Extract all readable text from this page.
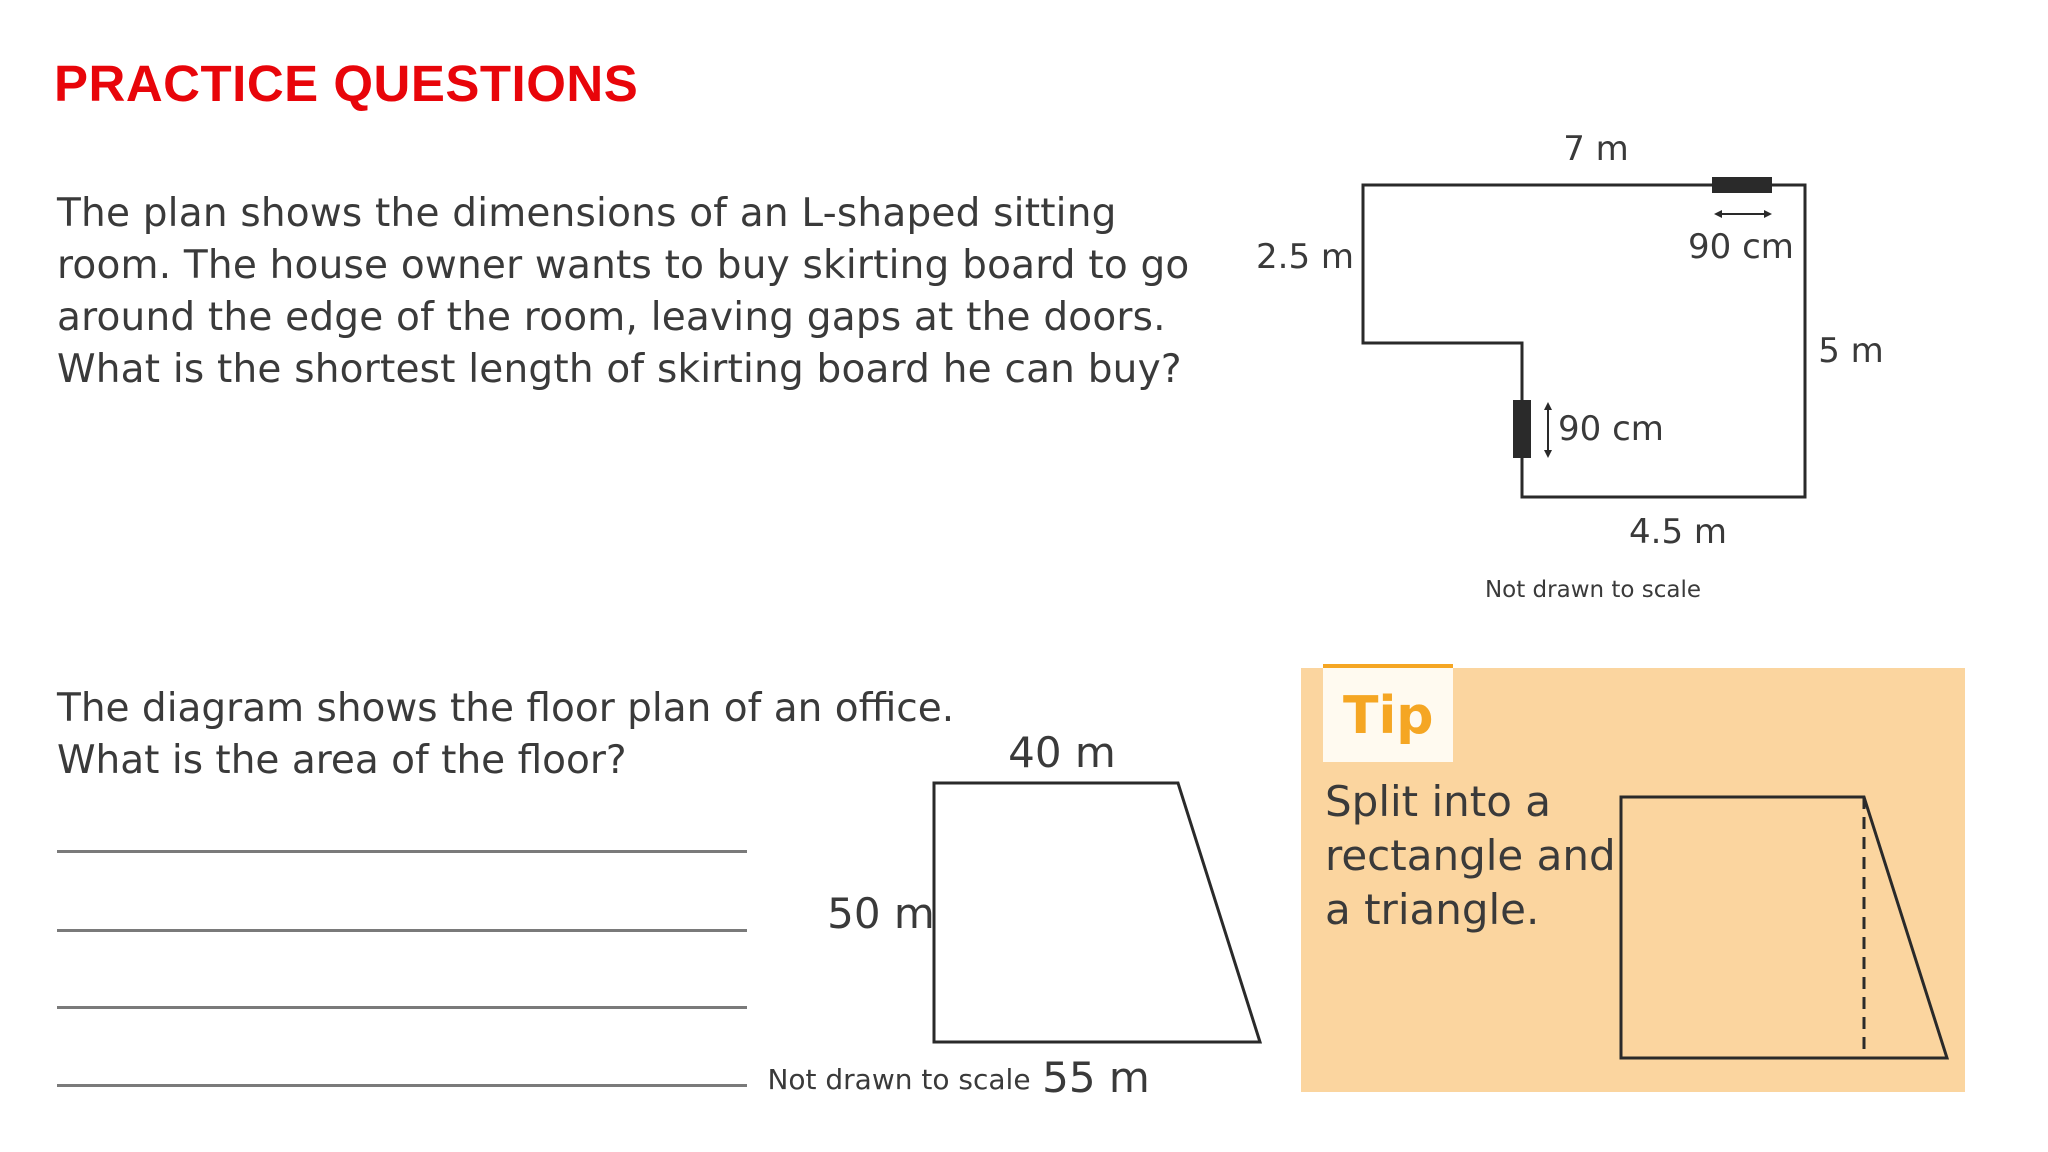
PRACTICE QUESTIONS

The plan shows the dimensions of an L-shaped sitting room. The house owner wants to buy skirting board to go around the edge of the room, leaving gaps at the doors. What is the shortest length of skirting board he can buy?

7 m
2.5 m
5 m
4.5 m
90 cm
90 cm
Not drawn to scale

The diagram shows the floor plan of an office. What is the area of the floor?	40 m
50 m
55 m
Not drawn to scale

Tip

Split into a rectangle and a triangle.
